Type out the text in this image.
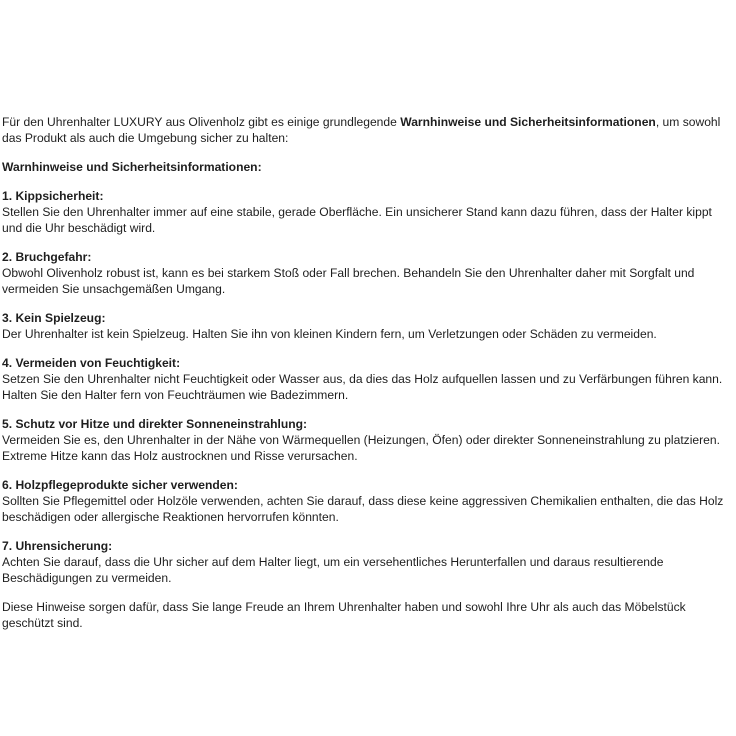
Für den Uhrenhalter LUXURY aus Olivenholz gibt es einige grundlegende Warnhinweise und Sicherheitsinformationen, um sowohl das Produkt als auch die Umgebung sicher zu halten:

Warnhinweise und Sicherheitsinformationen:

1. Kippsicherheit:
Stellen Sie den Uhrenhalter immer auf eine stabile, gerade Oberfläche. Ein unsicherer Stand kann dazu führen, dass der Halter kippt und die Uhr beschädigt wird.
2. Bruchgefahr:
Obwohl Olivenholz robust ist, kann es bei starkem Stoß oder Fall brechen. Behandeln Sie den Uhrenhalter daher mit Sorgfalt und vermeiden Sie unsachgemäßen Umgang.
3. Kein Spielzeug:
Der Uhrenhalter ist kein Spielzeug. Halten Sie ihn von kleinen Kindern fern, um Verletzungen oder Schäden zu vermeiden.
4. Vermeiden von Feuchtigkeit:
Setzen Sie den Uhrenhalter nicht Feuchtigkeit oder Wasser aus, da dies das Holz aufquellen lassen und zu Verfärbungen führen kann. Halten Sie den Halter fern von Feuchträumen wie Badezimmern.
5. Schutz vor Hitze und direkter Sonneneinstrahlung:
Vermeiden Sie es, den Uhrenhalter in der Nähe von Wärmequellen (Heizungen, Öfen) oder direkter Sonneneinstrahlung zu platzieren. Extreme Hitze kann das Holz austrocknen und Risse verursachen.
6. Holzpflegeprodukte sicher verwenden:
Sollten Sie Pflegemittel oder Holzöle verwenden, achten Sie darauf, dass diese keine aggressiven Chemikalien enthalten, die das Holz beschädigen oder allergische Reaktionen hervorrufen könnten.
7. Uhrensicherung:
Achten Sie darauf, dass die Uhr sicher auf dem Halter liegt, um ein versehentliches Herunterfallen und daraus resultierende Beschädigungen zu vermeiden.

Diese Hinweise sorgen dafür, dass Sie lange Freude an Ihrem Uhrenhalter haben und sowohl Ihre Uhr als auch das Möbelstück geschützt sind.
